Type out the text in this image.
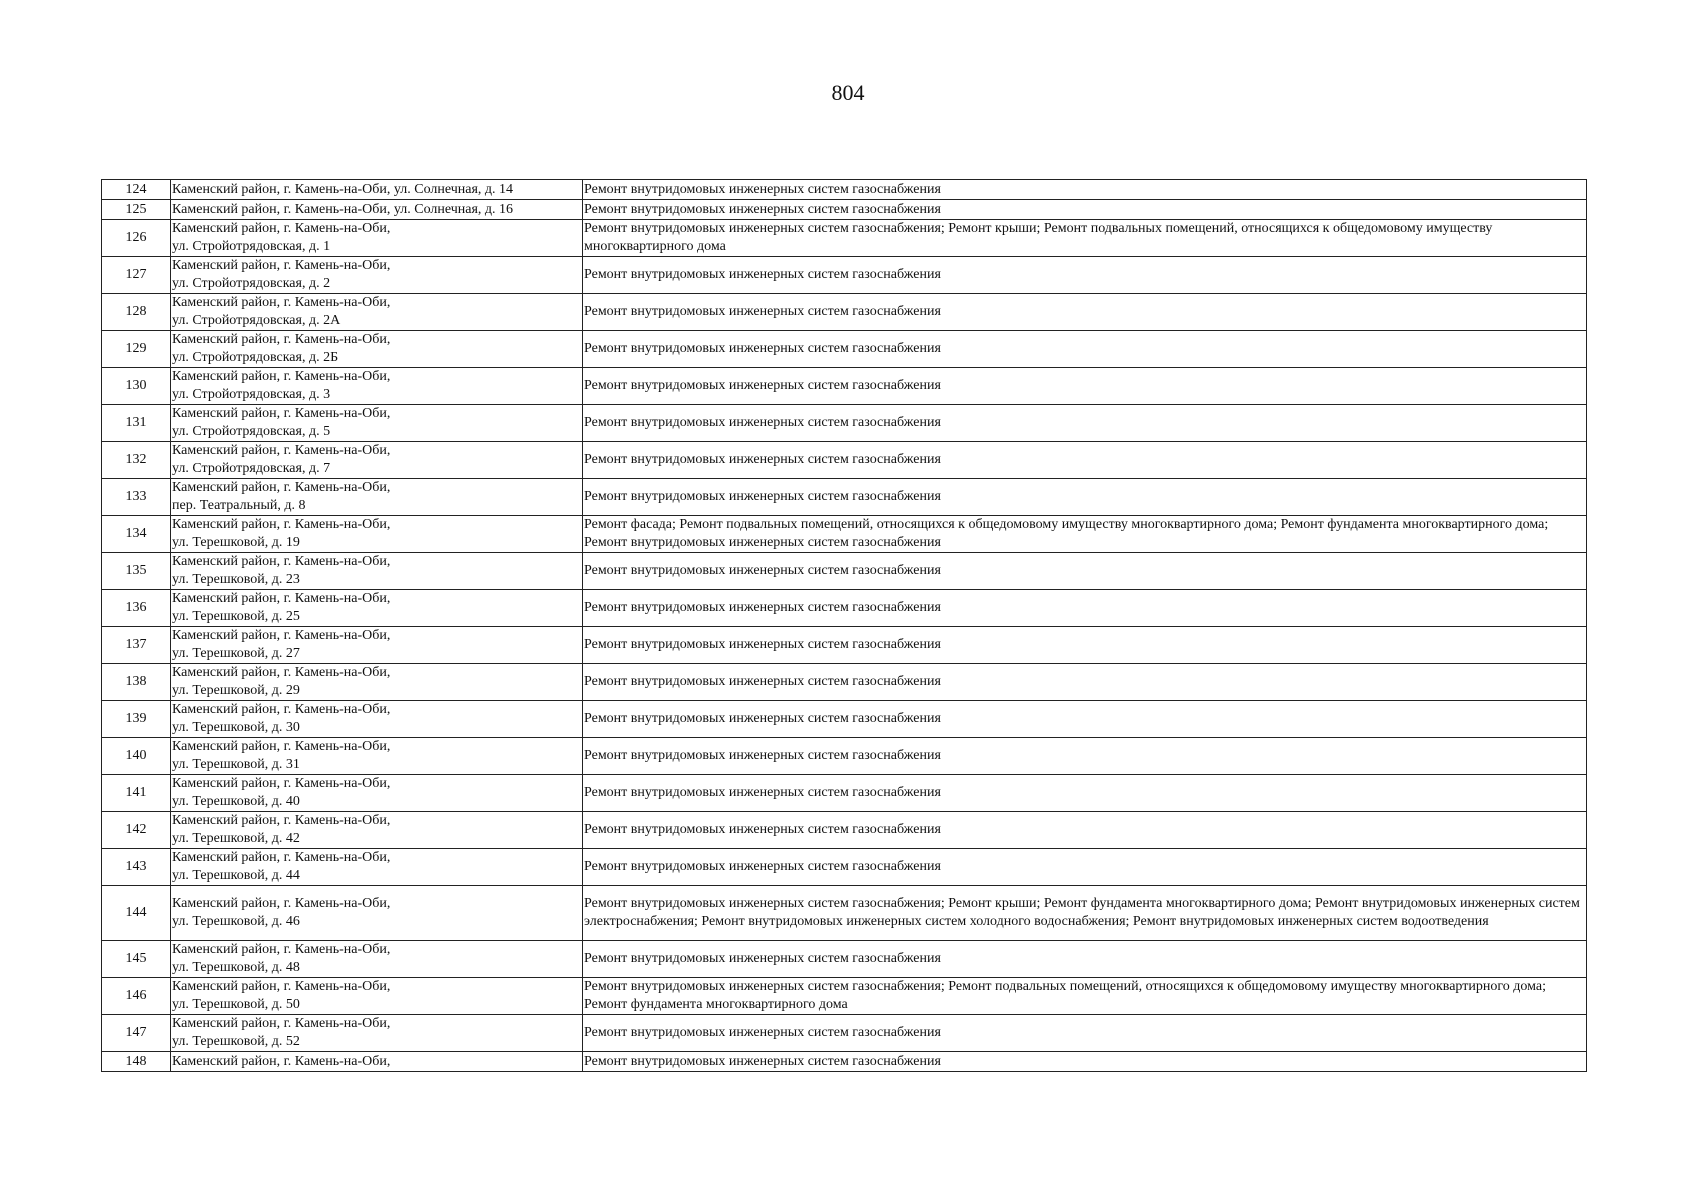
804
124	Каменский район, г. Камень-на-Оби, ул. Солнечная, д. 14	Ремонт внутридомовых инженерных систем газоснабжения
125	Каменский район, г. Камень-на-Оби, ул. Солнечная, д. 16	Ремонт внутридомовых инженерных систем газоснабжения
126	Каменский район, г. Камень-на-Оби,
ул. Стройотрядовская, д. 1	Ремонт внутридомовых инженерных систем газоснабжения; Ремонт крыши; Ремонт подвальных помещений, относящихся к общедомовому имуществу многоквартирного дома
127	Каменский район, г. Камень-на-Оби,
ул. Стройотрядовская, д. 2	Ремонт внутридомовых инженерных систем газоснабжения
128	Каменский район, г. Камень-на-Оби,
ул. Стройотрядовская, д. 2А	Ремонт внутридомовых инженерных систем газоснабжения
129	Каменский район, г. Камень-на-Оби,
ул. Стройотрядовская, д. 2Б	Ремонт внутридомовых инженерных систем газоснабжения
130	Каменский район, г. Камень-на-Оби,
ул. Стройотрядовская, д. 3	Ремонт внутридомовых инженерных систем газоснабжения
131	Каменский район, г. Камень-на-Оби,
ул. Стройотрядовская, д. 5	Ремонт внутридомовых инженерных систем газоснабжения
132	Каменский район, г. Камень-на-Оби,
ул. Стройотрядовская, д. 7	Ремонт внутридомовых инженерных систем газоснабжения
133	Каменский район, г. Камень-на-Оби,
пер. Театральный, д. 8	Ремонт внутридомовых инженерных систем газоснабжения
134	Каменский район, г. Камень-на-Оби,
ул. Терешковой, д. 19	Ремонт фасада; Ремонт подвальных помещений, относящихся к общедомовому имуществу многоквартирного дома; Ремонт фундамента многоквартирного дома; Ремонт внутридомовых инженерных систем газоснабжения
135	Каменский район, г. Камень-на-Оби,
ул. Терешковой, д. 23	Ремонт внутридомовых инженерных систем газоснабжения
136	Каменский район, г. Камень-на-Оби,
ул. Терешковой, д. 25	Ремонт внутридомовых инженерных систем газоснабжения
137	Каменский район, г. Камень-на-Оби,
ул. Терешковой, д. 27	Ремонт внутридомовых инженерных систем газоснабжения
138	Каменский район, г. Камень-на-Оби,
ул. Терешковой, д. 29	Ремонт внутридомовых инженерных систем газоснабжения
139	Каменский район, г. Камень-на-Оби,
ул. Терешковой, д. 30	Ремонт внутридомовых инженерных систем газоснабжения
140	Каменский район, г. Камень-на-Оби,
ул. Терешковой, д. 31	Ремонт внутридомовых инженерных систем газоснабжения
141	Каменский район, г. Камень-на-Оби,
ул. Терешковой, д. 40	Ремонт внутридомовых инженерных систем газоснабжения
142	Каменский район, г. Камень-на-Оби,
ул. Терешковой, д. 42	Ремонт внутридомовых инженерных систем газоснабжения
143	Каменский район, г. Камень-на-Оби,
ул. Терешковой, д. 44	Ремонт внутридомовых инженерных систем газоснабжения
144	Каменский район, г. Камень-на-Оби,
ул. Терешковой, д. 46	Ремонт внутридомовых инженерных систем газоснабжения; Ремонт крыши; Ремонт фундамента многоквартирного дома; Ремонт внутридомовых инженерных систем электроснабжения; Ремонт внутридомовых инженерных систем холодного водоснабжения; Ремонт внутридомовых инженерных систем водоотведения
145	Каменский район, г. Камень-на-Оби,
ул. Терешковой, д. 48	Ремонт внутридомовых инженерных систем газоснабжения
146	Каменский район, г. Камень-на-Оби,
ул. Терешковой, д. 50	Ремонт внутридомовых инженерных систем газоснабжения; Ремонт подвальных помещений, относящихся к общедомовому имуществу многоквартирного дома; Ремонт фундамента многоквартирного дома
147	Каменский район, г. Камень-на-Оби,
ул. Терешковой, д. 52	Ремонт внутридомовых инженерных систем газоснабжения
148	Каменский район, г. Камень-на-Оби,	Ремонт внутридомовых инженерных систем газоснабжения
